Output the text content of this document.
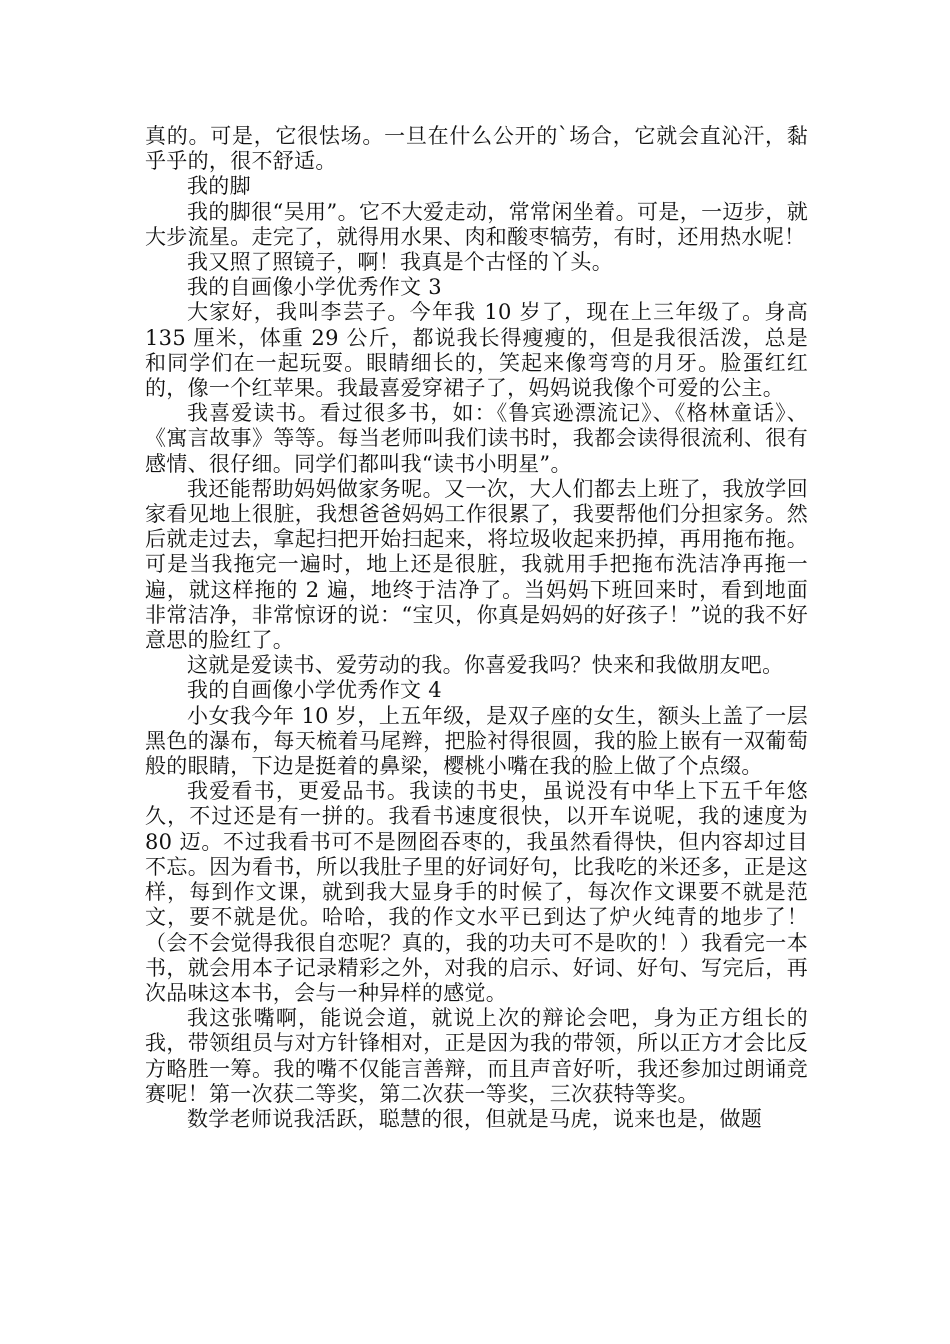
真的。可是，它很怯场。一旦在什么公开的`场合，它就会直沁汗，黏乎乎的，很不舒适。

我的脚

我的脚很“吴用”。它不大爱走动，常常闲坐着。可是，一迈步，就大步流星。走完了，就得用水果、肉和酸枣犒劳，有时，还用热水呢！

我又照了照镜子，啊！我真是个古怪的丫头。

我的自画像小学优秀作文 3

大家好，我叫李芸子。今年我 10 岁了，现在上三年级了。身高 135 厘米，体重 29 公斤，都说我长得瘦瘦的，但是我很活泼，总是和同学们在一起玩耍。眼睛细长的，笑起来像弯弯的月牙。脸蛋红红的，像一个红苹果。我最喜爱穿裙子了，妈妈说我像个可爱的公主。

我喜爱读书。看过很多书，如：《鲁宾逊漂流记》、《格林童话》、《寓言故事》等等。每当老师叫我们读书时，我都会读得很流利、很有感情、很仔细。同学们都叫我“读书小明星”。

我还能帮助妈妈做家务呢。又一次，大人们都去上班了，我放学回家看见地上很脏，我想爸爸妈妈工作很累了，我要帮他们分担家务。然后就走过去，拿起扫把开始扫起来，将垃圾收起来扔掉，再用拖布拖。可是当我拖完一遍时，地上还是很脏，我就用手把拖布洗洁净再拖一遍，就这样拖的 2 遍，地终于洁净了。当妈妈下班回来时，看到地面非常洁净，非常惊讶的说：“宝贝，你真是妈妈的好孩子！”说的我不好意思的脸红了。

这就是爱读书、爱劳动的我。你喜爱我吗？快来和我做朋友吧。

我的自画像小学优秀作文 4

小女我今年 10 岁，上五年级，是双子座的女生，额头上盖了一层黑色的瀑布，每天梳着马尾辫，把脸衬得很圆，我的脸上嵌有一双葡萄般的眼睛，下边是挺着的鼻梁，樱桃小嘴在我的脸上做了个点缀。

我爱看书，更爱品书。我读的书史，虽说没有中华上下五千年悠久，不过还是有一拼的。我看书速度很快，以开车说呢，我的速度为 80 迈。不过我看书可不是囫囵吞枣的，我虽然看得快，但内容却过目不忘。因为看书，所以我肚子里的好词好句，比我吃的米还多，正是这样，每到作文课，就到我大显身手的时候了，每次作文课要不就是范文，要不就是优。哈哈，我的作文水平已到达了炉火纯青的地步了！（会不会觉得我很自恋呢？真的，我的功夫可不是吹的！）我看完一本书，就会用本子记录精彩之外，对我的启示、好词、好句、写完后，再次品味这本书，会与一种异样的感觉。

我这张嘴啊，能说会道，就说上次的辩论会吧，身为正方组长的我，带领组员与对方针锋相对，正是因为我的带领，所以正方才会比反方略胜一筹。我的嘴不仅能言善辩，而且声音好听，我还参加过朗诵竞赛呢！第一次获二等奖，第二次获一等奖，三次获特等奖。

数学老师说我活跃，聪慧的很，但就是马虎，说来也是，做题
